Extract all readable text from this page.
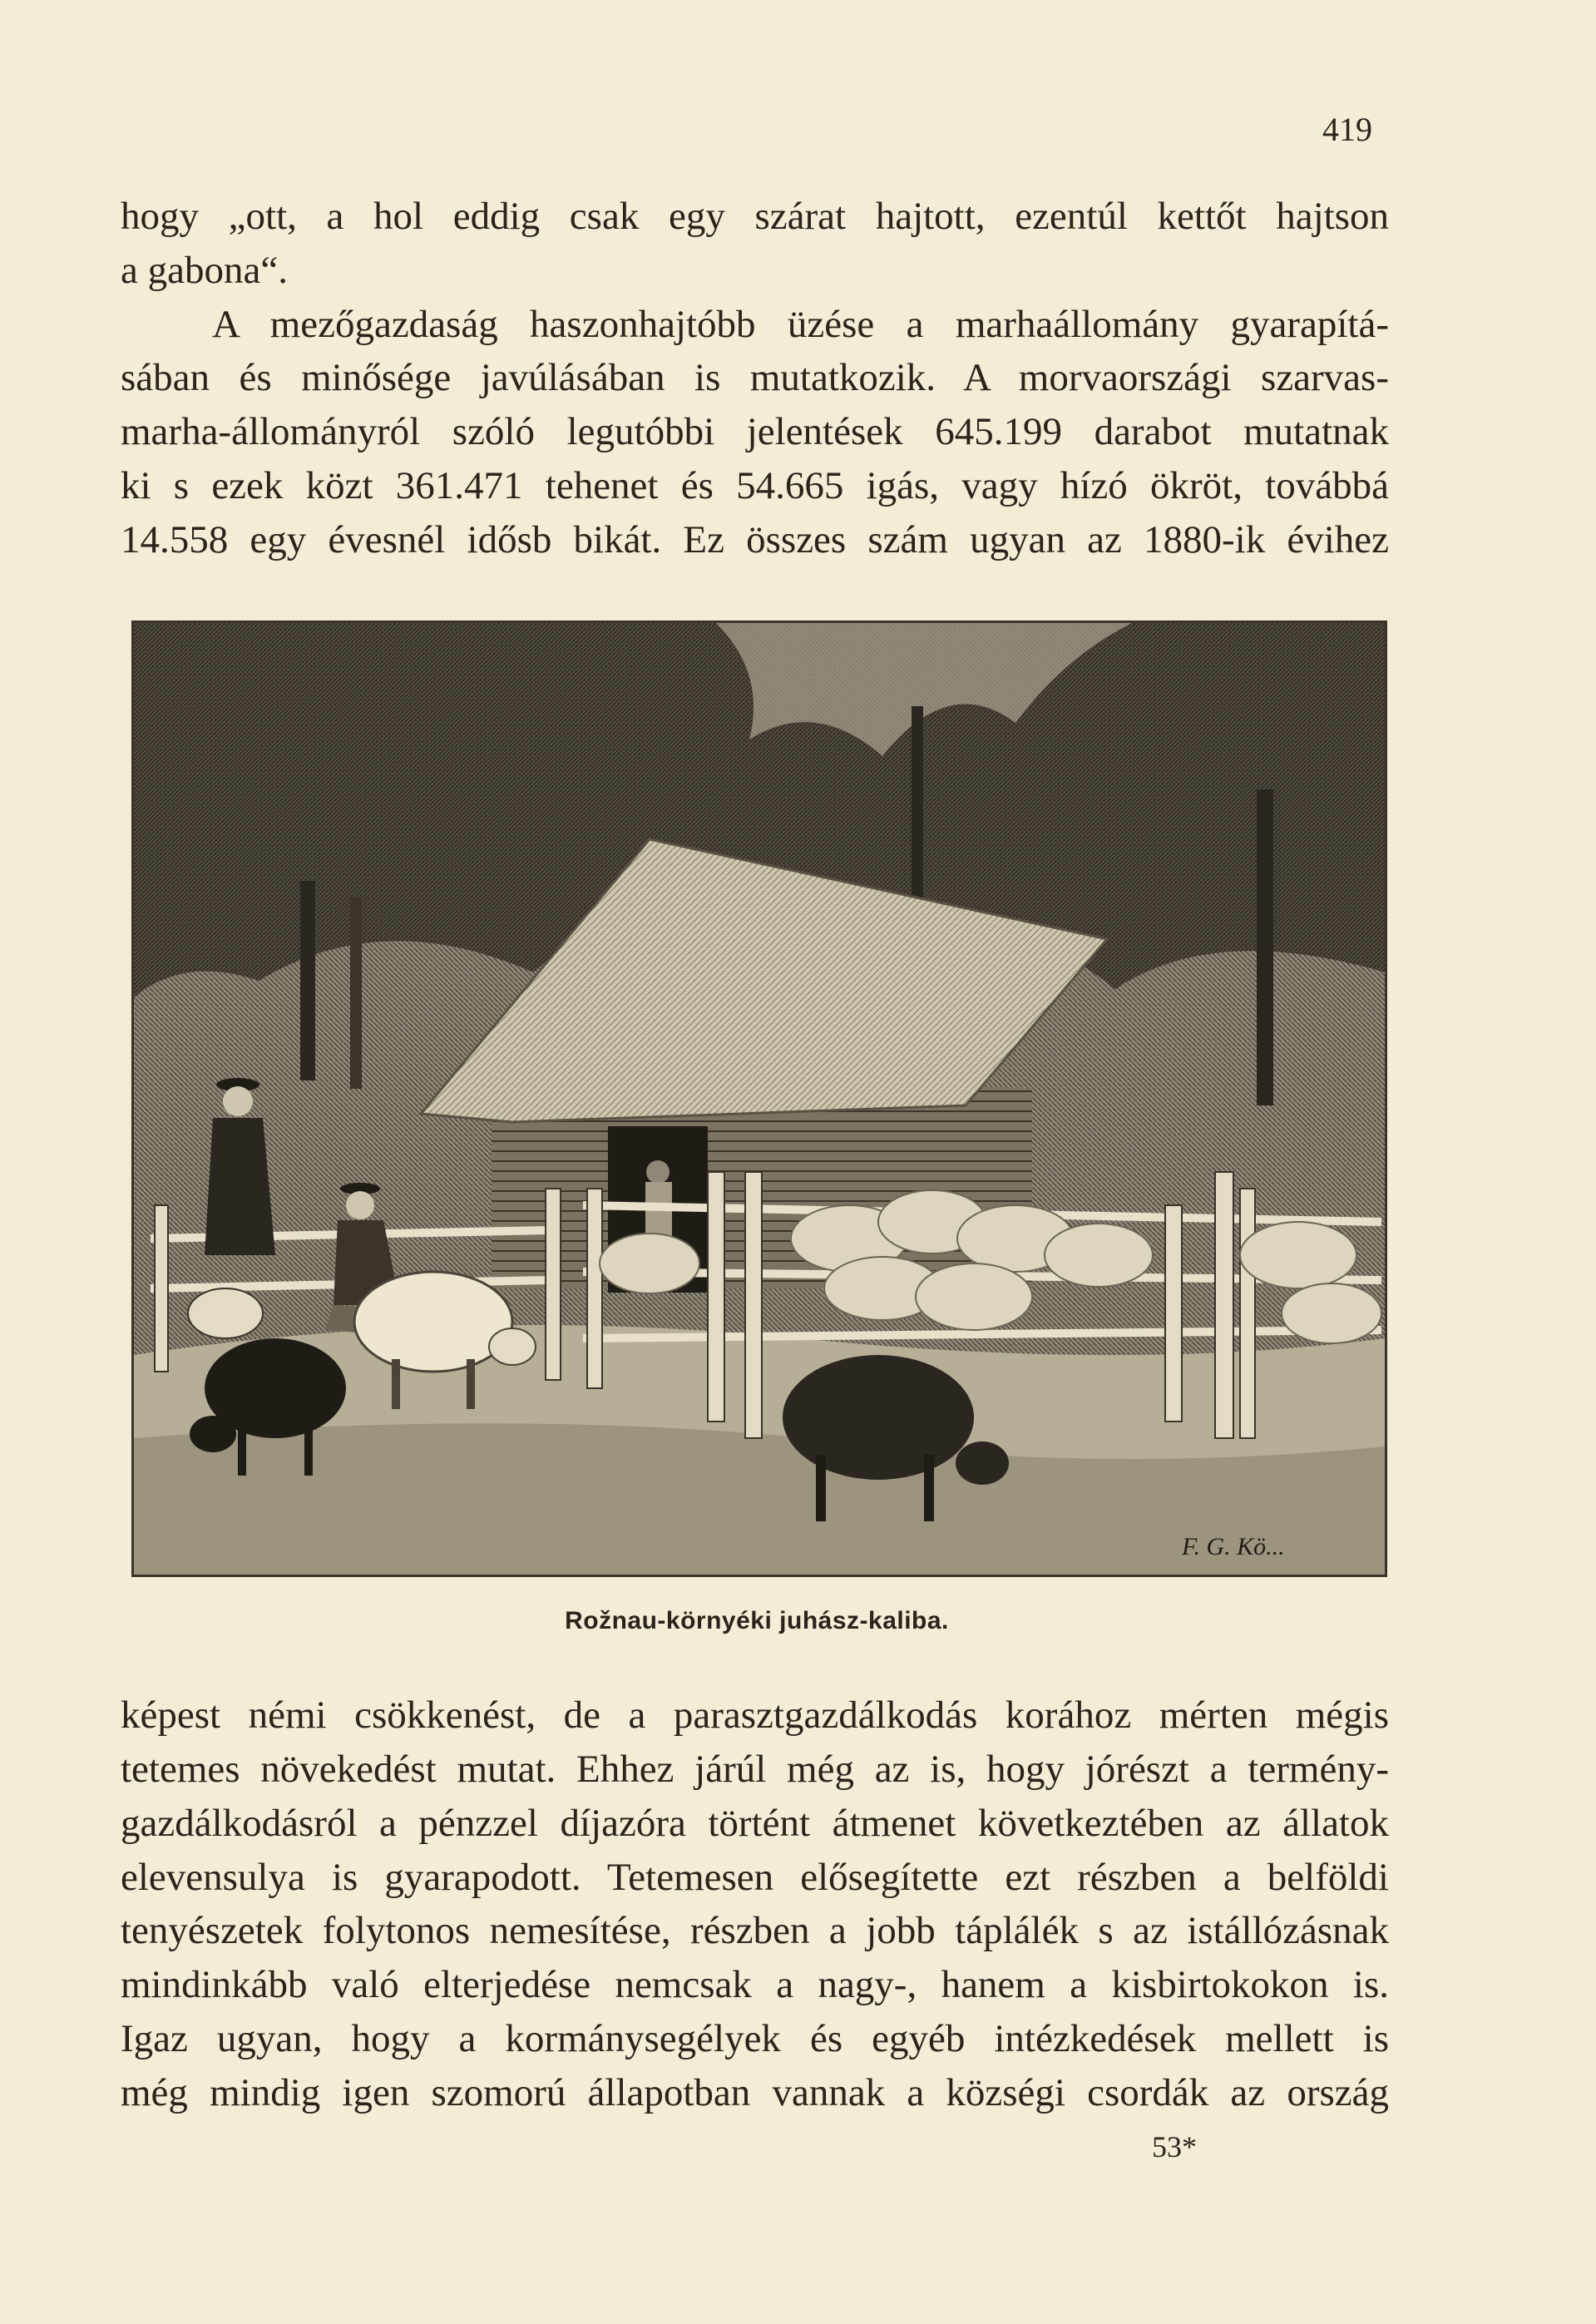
419
hogy „ott, a hol eddig csak egy szárat hajtott, ezentúl kettőt hajtson
a gabona“.
A mezőgazdaság haszonhajtóbb üzése a marhaállomány gyarapítá-
sában és minősége javúlásában is mutatkozik. A morvaországi szarvas-
marha-állományról szóló legutóbbi jelentések 645.199 darabot mutatnak
ki s ezek közt 361.471 tehenet és 54.665 igás, vagy hízó ökröt, továbbá
14.558 egy évesnél idősb bikát. Ez összes szám ugyan az 1880-ik évihez
F. G. Kö...
Rožnau-környéki juhász-kaliba.
képest némi csökkenést, de a parasztgazdálkodás korához mérten mégis
tetemes növekedést mutat. Ehhez járúl még az is, hogy jórészt a termény-
gazdálkodásról a pénzzel díjazóra történt átmenet következtében az állatok
elevensulya is gyarapodott. Tetemesen elősegítette ezt részben a belföldi
tenyészetek folytonos nemesítése, részben a jobb táplálék s az istállózásnak
mindinkább való elterjedése nemcsak a nagy-, hanem a kisbirtokokon is.
Igaz ugyan, hogy a kormánysegélyek és egyéb intézkedések mellett is
még mindig igen szomorú állapotban vannak a községi csordák az ország
53*
